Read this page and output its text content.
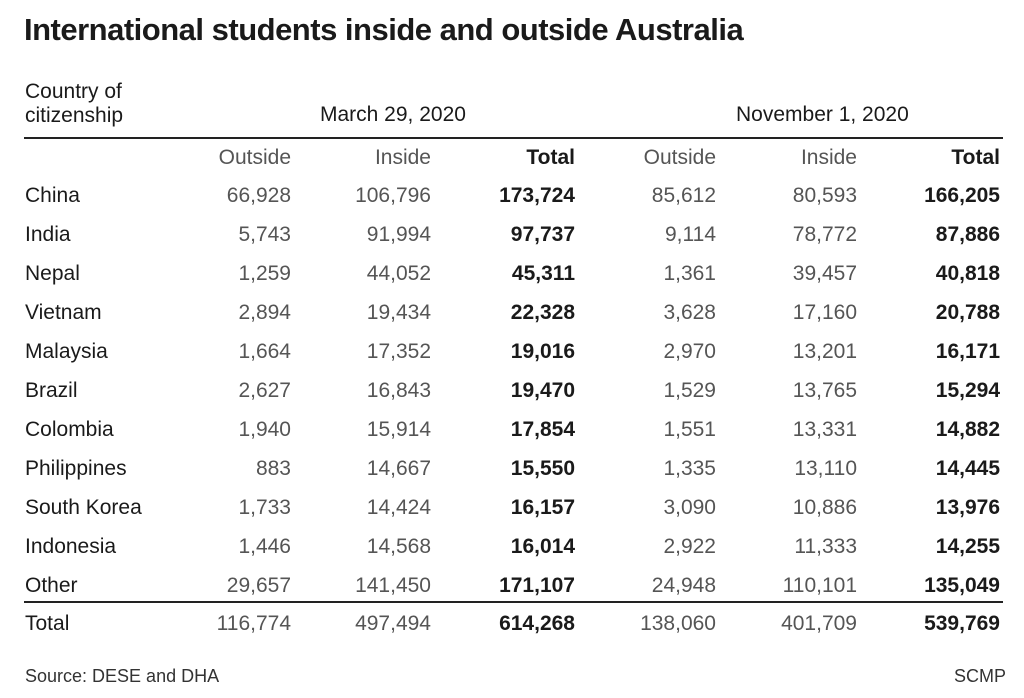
International students inside and outside Australia
Country of
citizenship	March 29, 2020	November 1, 2020
Outside	Inside	Total	Outside	Inside	Total
China	66,928	106,796	173,724	85,612	80,593	166,205
India	5,743	91,994	97,737	9,114	78,772	87,886
Nepal	1,259	44,052	45,311	1,361	39,457	40,818
Vietnam	2,894	19,434	22,328	3,628	17,160	20,788
Malaysia	1,664	17,352	19,016	2,970	13,201	16,171
Brazil	2,627	16,843	19,470	1,529	13,765	15,294
Colombia	1,940	15,914	17,854	1,551	13,331	14,882
Philippines	883	14,667	15,550	1,335	13,110	14,445
South Korea	1,733	14,424	16,157	3,090	10,886	13,976
Indonesia	1,446	14,568	16,014	2,922	11,333	14,255
Other	29,657	141,450	171,107	24,948	110,101	135,049
Total	116,774	497,494	614,268	138,060	401,709	539,769
Source: DESE and DHA	SCMP
